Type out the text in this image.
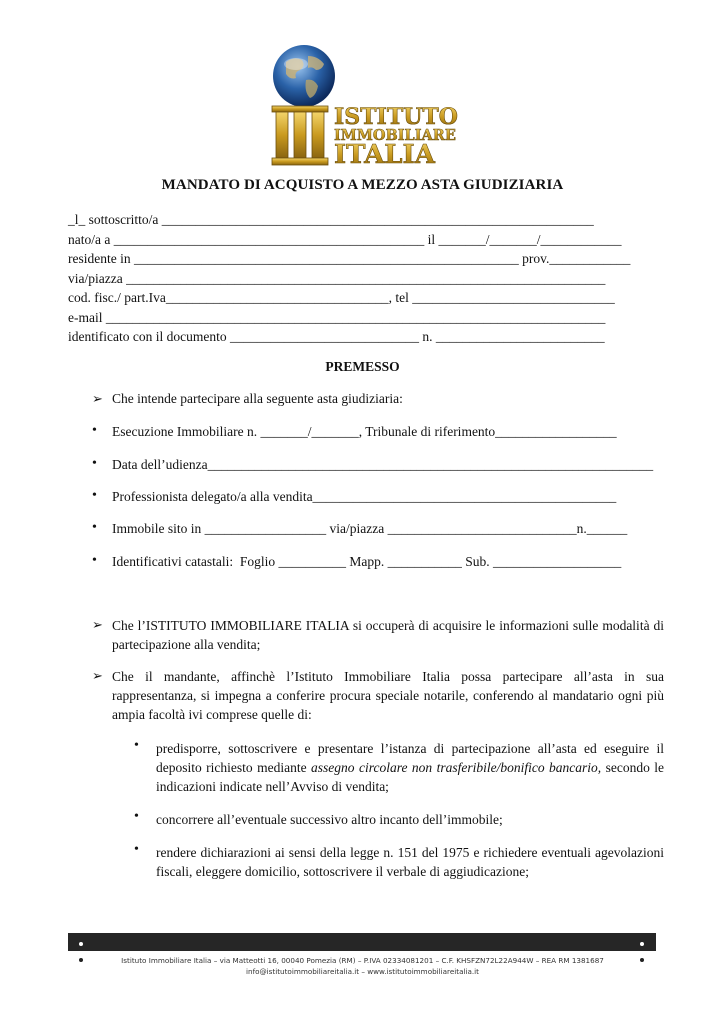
ISTITUTO
IMMOBILIARE
ITALIA
MANDATO DI ACQUISTO A MEZZO ASTA GIUDIZIARIA
_l_ sottoscritto/a ________________________________________________________________
nato/a a ______________________________________________ il _______/_______/____________
residente in _________________________________________________________ prov.____________
via/piazza _______________________________________________________________________
cod. fisc./ part.Iva_________________________________, tel ______________________________
e-mail __________________________________________________________________________
identificato con il documento ____________________________ n. _________________________
PREMESSO
➢ Che intende partecipare alla seguente asta giudiziaria:
• Esecuzione Immobiliare n. _______/_______, Tribunale di riferimento__________________
• Data dell’udienza__________________________________________________________________
• Professionista delegato/a alla vendita_____________________________________________
• Immobile sito in __________________ via/piazza ____________________________n.______
• Identificativi catastali:  Foglio __________ Mapp. ___________ Sub. ___________________
➢ Che l’ISTITUTO IMMOBILIARE ITALIA si occuperà di acquisire le informazioni sulle modalità di partecipazione alla vendita;
➢ Che il mandante, affinchè l’Istituto Immobiliare Italia possa partecipare all’asta in sua rappresentanza, si impegna a conferire procura speciale notarile, conferendo al mandatario ogni più ampia facoltà ivi comprese quelle di:
• predisporre, sottoscrivere e presentare l’istanza di partecipazione all’asta ed eseguire il deposito richiesto mediante assegno circolare non trasferibile/bonifico bancario, secondo le indicazioni indicate nell’Avviso di vendita;
• concorrere all’eventuale successivo altro incanto dell’immobile;
• rendere dichiarazioni ai sensi della legge n. 151 del 1975 e richiedere eventuali agevolazioni fiscali, eleggere domicilio, sottoscrivere il verbale di aggiudicazione;
Istituto Immobiliare Italia – via Matteotti 16, 00040 Pomezia (RM) – P.IVA 02334081201 – C.F. KHSFZN72L22A944W – REA RM 1381687
info@istitutoimmobiliareitalia.it – www.istitutoimmobiliareitalia.it
